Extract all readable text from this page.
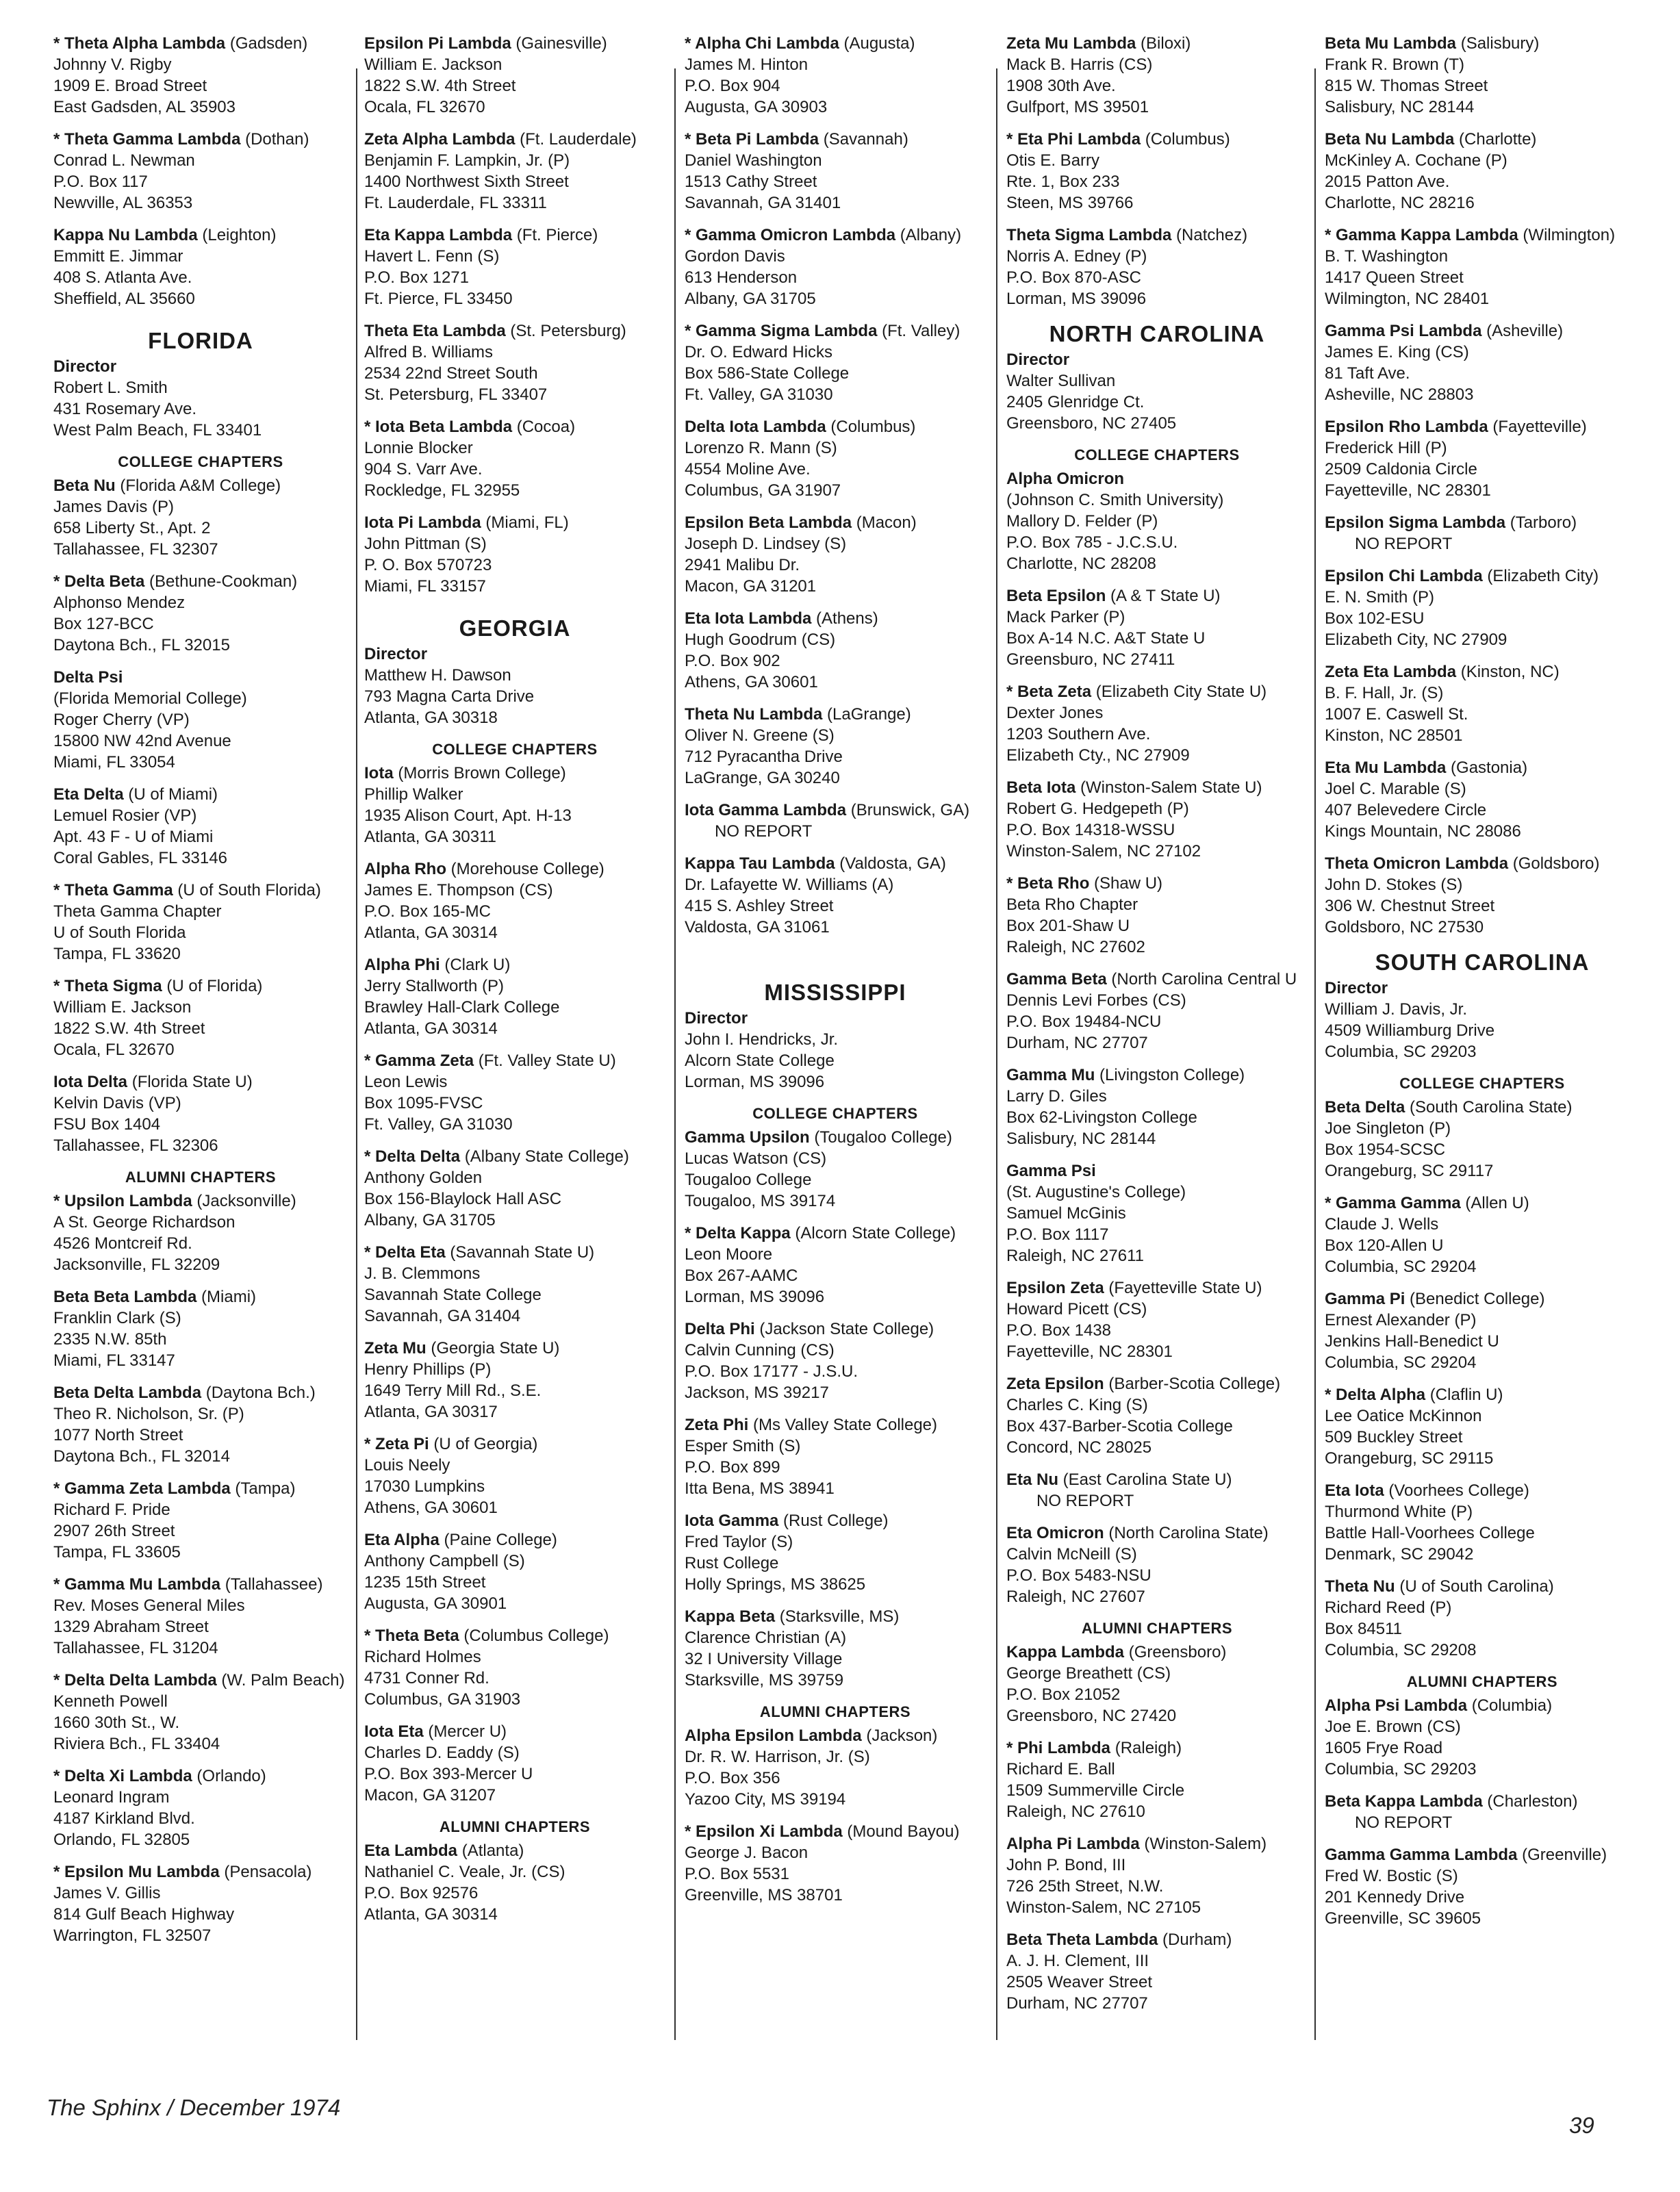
* Theta Alpha Lambda (Gadsden)
Johnny V. Rigby
1909 E. Broad Street
East Gadsden, AL 35903
* Theta Gamma Lambda (Dothan)
Conrad L. Newman
P.O. Box 117
Newville, AL 36353
Kappa Nu Lambda (Leighton)
Emmitt E. Jimmar
408 S. Atlanta Ave.
Sheffield, AL 35660
FLORIDA
Director
Robert L. Smith
431 Rosemary Ave.
West Palm Beach, FL 33401
COLLEGE CHAPTERS
Beta Nu (Florida A&M College)
James Davis (P)
658 Liberty St., Apt. 2
Tallahassee, FL 32307
* Delta Beta (Bethune-Cookman)
Alphonso Mendez
Box 127-BCC
Daytona Bch., FL 32015
Delta Psi
(Florida Memorial College)
Roger Cherry (VP)
15800 NW 42nd Avenue
Miami, FL 33054
Eta Delta (U of Miami)
Lemuel Rosier (VP)
Apt. 43 F - U of Miami
Coral Gables, FL 33146
* Theta Gamma (U of South Florida)
Theta Gamma Chapter
U of South Florida
Tampa, FL 33620
* Theta Sigma (U of Florida)
William E. Jackson
1822 S.W. 4th Street
Ocala, FL 32670
Iota Delta (Florida State U)
Kelvin Davis (VP)
FSU Box 1404
Tallahassee, FL 32306
ALUMNI CHAPTERS
* Upsilon Lambda (Jacksonville)
A St. George Richardson
4526 Montcreif Rd.
Jacksonville, FL 32209
Beta Beta Lambda (Miami)
Franklin Clark (S)
2335 N.W. 85th
Miami, FL 33147
Beta Delta Lambda (Daytona Bch.)
Theo R. Nicholson, Sr. (P)
1077 North Street
Daytona Bch., FL 32014
* Gamma Zeta Lambda (Tampa)
Richard F. Pride
2907 26th Street
Tampa, FL 33605
* Gamma Mu Lambda (Tallahassee)
Rev. Moses General Miles
1329 Abraham Street
Tallahassee, FL 31204
* Delta Delta Lambda (W. Palm Beach)
Kenneth Powell
1660 30th St., W.
Riviera Bch., FL 33404
* Delta Xi Lambda (Orlando)
Leonard Ingram
4187 Kirkland Blvd.
Orlando, FL 32805
* Epsilon Mu Lambda (Pensacola)
James V. Gillis
814 Gulf Beach Highway
Warrington, FL 32507
Epsilon Pi Lambda (Gainesville)
William E. Jackson
1822 S.W. 4th Street
Ocala, FL 32670
Zeta Alpha Lambda (Ft. Lauderdale)
Benjamin F. Lampkin, Jr. (P)
1400 Northwest Sixth Street
Ft. Lauderdale, FL 33311
Eta Kappa Lambda (Ft. Pierce)
Havert L. Fenn (S)
P.O. Box 1271
Ft. Pierce, FL 33450
Theta Eta Lambda (St. Petersburg)
Alfred B. Williams
2534 22nd Street South
St. Petersburg, FL 33407
* Iota Beta Lambda (Cocoa)
Lonnie Blocker
904 S. Varr Ave.
Rockledge, FL 32955
Iota Pi Lambda (Miami, FL)
John Pittman (S)
P. O. Box 570723
Miami, FL 33157
GEORGIA
Director
Matthew H. Dawson
793 Magna Carta Drive
Atlanta, GA 30318
COLLEGE CHAPTERS
Iota (Morris Brown College)
Phillip Walker
1935 Alison Court, Apt. H-13
Atlanta, GA 30311
Alpha Rho (Morehouse College)
James E. Thompson (CS)
P.O. Box 165-MC
Atlanta, GA 30314
Alpha Phi (Clark U)
Jerry Stallworth (P)
Brawley Hall-Clark College
Atlanta, GA 30314
* Gamma Zeta (Ft. Valley State U)
Leon Lewis
Box 1095-FVSC
Ft. Valley, GA 31030
* Delta Delta (Albany State College)
Anthony Golden
Box 156-Blaylock Hall ASC
Albany, GA 31705
* Delta Eta (Savannah State U)
J. B. Clemmons
Savannah State College
Savannah, GA 31404
Zeta Mu (Georgia State U)
Henry Phillips (P)
1649 Terry Mill Rd., S.E.
Atlanta, GA 30317
* Zeta Pi (U of Georgia)
Louis Neely
17030 Lumpkins
Athens, GA 30601
Eta Alpha (Paine College)
Anthony Campbell (S)
1235 15th Street
Augusta, GA 30901
* Theta Beta (Columbus College)
Richard Holmes
4731 Conner Rd.
Columbus, GA 31903
Iota Eta (Mercer U)
Charles D. Eaddy (S)
P.O. Box 393-Mercer U
Macon, GA 31207
ALUMNI CHAPTERS
Eta Lambda (Atlanta)
Nathaniel C. Veale, Jr. (CS)
P.O. Box 92576
Atlanta, GA 30314
* Alpha Chi Lambda (Augusta)
James M. Hinton
P.O. Box 904
Augusta, GA 30903
* Beta Pi Lambda (Savannah)
Daniel Washington
1513 Cathy Street
Savannah, GA 31401
* Gamma Omicron Lambda (Albany)
Gordon Davis
613 Henderson
Albany, GA 31705
* Gamma Sigma Lambda (Ft. Valley)
Dr. O. Edward Hicks
Box 586-State College
Ft. Valley, GA 31030
Delta Iota Lambda (Columbus)
Lorenzo R. Mann (S)
4554 Moline Ave.
Columbus, GA 31907
Epsilon Beta Lambda (Macon)
Joseph D. Lindsey (S)
2941 Malibu Dr.
Macon, GA 31201
Eta Iota Lambda (Athens)
Hugh Goodrum (CS)
P.O. Box 902
Athens, GA 30601
Theta Nu Lambda (LaGrange)
Oliver N. Greene (S)
712 Pyracantha Drive
LaGrange, GA 30240
Iota Gamma Lambda (Brunswick, GA)
NO REPORT
Kappa Tau Lambda (Valdosta, GA)
Dr. Lafayette W. Williams (A)
415 S. Ashley Street
Valdosta, GA 31061
MISSISSIPPI
Director
John I. Hendricks, Jr.
Alcorn State College
Lorman, MS 39096
COLLEGE CHAPTERS
Gamma Upsilon (Tougaloo College)
Lucas Watson (CS)
Tougaloo College
Tougaloo, MS 39174
* Delta Kappa (Alcorn State College)
Leon Moore
Box 267-AAMC
Lorman, MS 39096
Delta Phi (Jackson State College)
Calvin Cunning (CS)
P.O. Box 17177 - J.S.U.
Jackson, MS 39217
Zeta Phi (Ms Valley State College)
Esper Smith (S)
P.O. Box 899
Itta Bena, MS 38941
Iota Gamma (Rust College)
Fred Taylor (S)
Rust College
Holly Springs, MS 38625
Kappa Beta (Starksville, MS)
Clarence Christian (A)
32 I University Village
Starksville, MS 39759
ALUMNI CHAPTERS
Alpha Epsilon Lambda (Jackson)
Dr. R. W. Harrison, Jr. (S)
P.O. Box 356
Yazoo City, MS 39194
* Epsilon Xi Lambda (Mound Bayou)
George J. Bacon
P.O. Box 5531
Greenville, MS 38701
Zeta Mu Lambda (Biloxi)
Mack B. Harris (CS)
1908 30th Ave.
Gulfport, MS 39501
* Eta Phi Lambda (Columbus)
Otis E. Barry
Rte. 1, Box 233
Steen, MS 39766
Theta Sigma Lambda (Natchez)
Norris A. Edney (P)
P.O. Box 870-ASC
Lorman, MS 39096
NORTH CAROLINA
Director
Walter Sullivan
2405 Glenridge Ct.
Greensboro, NC 27405
COLLEGE CHAPTERS
Alpha Omicron
(Johnson C. Smith University)
Mallory D. Felder (P)
P.O. Box 785 - J.C.S.U.
Charlotte, NC 28208
Beta Epsilon (A & T State U)
Mack Parker (P)
Box A-14 N.C. A&T State U
Greensburo, NC 27411
* Beta Zeta (Elizabeth City State U)
Dexter Jones
1203 Southern Ave.
Elizabeth Cty., NC 27909
Beta Iota (Winston-Salem State U)
Robert G. Hedgepeth (P)
P.O. Box 14318-WSSU
Winston-Salem, NC 27102
* Beta Rho (Shaw U)
Beta Rho Chapter
Box 201-Shaw U
Raleigh, NC 27602
Gamma Beta (North Carolina Central U
Dennis Levi Forbes (CS)
P.O. Box 19484-NCU
Durham, NC 27707
Gamma Mu (Livingston College)
Larry D. Giles
Box 62-Livingston College
Salisbury, NC 28144
Gamma Psi
(St. Augustine's College)
Samuel McGinis
P.O. Box 1117
Raleigh, NC 27611
Epsilon Zeta (Fayetteville State U)
Howard Picett (CS)
P.O. Box 1438
Fayetteville, NC 28301
Zeta Epsilon (Barber-Scotia College)
Charles C. King (S)
Box 437-Barber-Scotia College
Concord, NC 28025
Eta Nu (East Carolina State U)
NO REPORT
Eta Omicron (North Carolina State)
Calvin McNeill (S)
P.O. Box 5483-NSU
Raleigh, NC 27607
ALUMNI CHAPTERS
Kappa Lambda (Greensboro)
George Breathett (CS)
P.O. Box 21052
Greensboro, NC 27420
* Phi Lambda (Raleigh)
Richard E. Ball
1509 Summerville Circle
Raleigh, NC 27610
Alpha Pi Lambda (Winston-Salem)
John P. Bond, III
726 25th Street, N.W.
Winston-Salem, NC 27105
Beta Theta Lambda (Durham)
A. J. H. Clement, III
2505 Weaver Street
Durham, NC 27707
Beta Mu Lambda (Salisbury)
Frank R. Brown (T)
815 W. Thomas Street
Salisbury, NC 28144
Beta Nu Lambda (Charlotte)
McKinley A. Cochane (P)
2015 Patton Ave.
Charlotte, NC 28216
* Gamma Kappa Lambda (Wilmington)
B. T. Washington
1417 Queen Street
Wilmington, NC 28401
Gamma Psi Lambda (Asheville)
James E. King (CS)
81 Taft Ave.
Asheville, NC 28803
Epsilon Rho Lambda (Fayetteville)
Frederick Hill (P)
2509 Caldonia Circle
Fayetteville, NC 28301
Epsilon Sigma Lambda (Tarboro)
NO REPORT
Epsilon Chi Lambda (Elizabeth City)
E. N. Smith (P)
Box 102-ESU
Elizabeth City, NC 27909
Zeta Eta Lambda (Kinston, NC)
B. F. Hall, Jr. (S)
1007 E. Caswell St.
Kinston, NC 28501
Eta Mu Lambda (Gastonia)
Joel C. Marable (S)
407 Belevedere Circle
Kings Mountain, NC 28086
Theta Omicron Lambda (Goldsboro)
John D. Stokes (S)
306 W. Chestnut Street
Goldsboro, NC 27530
SOUTH CAROLINA
Director
William J. Davis, Jr.
4509 Williamburg Drive
Columbia, SC 29203
COLLEGE CHAPTERS
Beta Delta (South Carolina State)
Joe Singleton (P)
Box 1954-SCSC
Orangeburg, SC 29117
* Gamma Gamma (Allen U)
Claude J. Wells
Box 120-Allen U
Columbia, SC 29204
Gamma Pi (Benedict College)
Ernest Alexander (P)
Jenkins Hall-Benedict U
Columbia, SC 29204
* Delta Alpha (Claflin U)
Lee Oatice McKinnon
509 Buckley Street
Orangeburg, SC 29115
Eta Iota (Voorhees College)
Thurmond White (P)
Battle Hall-Voorhees College
Denmark, SC 29042
Theta Nu (U of South Carolina)
Richard Reed (P)
Box 84511
Columbia, SC 29208
ALUMNI CHAPTERS
Alpha Psi Lambda (Columbia)
Joe E. Brown (CS)
1605 Frye Road
Columbia, SC 29203
Beta Kappa Lambda (Charleston)
NO REPORT
Gamma Gamma Lambda (Greenville)
Fred W. Bostic (S)
201 Kennedy Drive
Greenville, SC 39605
The Sphinx / December 1974
39
